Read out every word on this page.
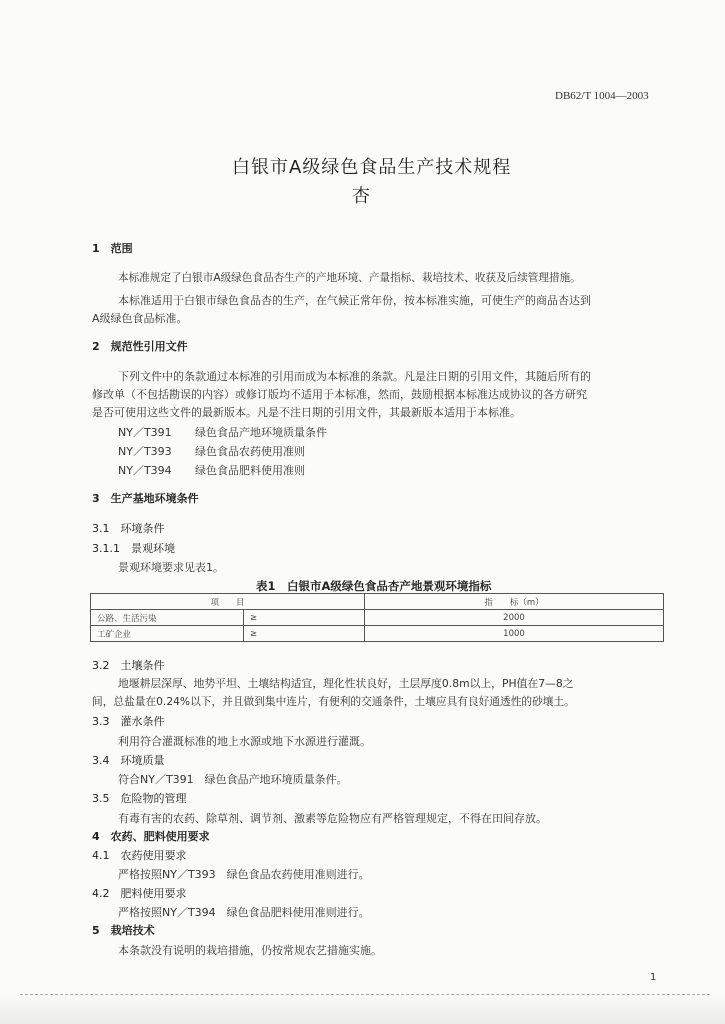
DB62/T 1004—2003
白银市A级绿色食品生产技术规程
杏
1　范围
本标准规定了白银市A级绿色食品杏生产的产地环境、产量指标、栽培技术、收获及后续管理措施。
本标准适用于白银市绿色食品杏的生产，在气候正常年份，按本标准实施，可使生产的商品杏达到
A级绿色食品标准。
2　规范性引用文件
下列文件中的条款通过本标准的引用而成为本标准的条款。凡是注日期的引用文件，其随后所有的
修改单（不包括勘误的内容）或修订版均不适用于本标准，然而，鼓励根据本标准达成协议的各方研究
是否可使用这些文件的最新版本。凡是不注日期的引用文件，其最新版本适用于本标准。
NY／T391 绿色食品产地环境质量条件
NY／T393 绿色食品农药使用准则
NY／T394 绿色食品肥料使用准则
3　生产基地环境条件
3.1　环境条件
3.1.1　景观环境
景观环境要求见表1。
表1　白银市A级绿色食品杏产地景观环境指标
项　　目		指　　标（m）
公路、生活污染	≥	2000
工矿企业	≥	1000
3.2　土壤条件
地堰耕层深厚、地势平坦、土壤结构适宜，理化性状良好，土层厚度0.8m以上，PH值在7—8之
间，总盐量在0.24%以下，并且做到集中连片，有便利的交通条件，土壤应具有良好通透性的砂壤土。
3.3　灌水条件
利用符合灌溉标准的地上水源或地下水源进行灌溉。
3.4　环境质量
符合NY／T391　绿色食品产地环境质量条件。
3.5　危险物的管理
有毒有害的农药、除草剂、调节剂、激素等危险物应有严格管理规定，不得在田间存放。
4　农药、肥料使用要求
4.1　农药使用要求
严格按照NY／T393　绿色食品农药使用准则进行。
4.2　肥料使用要求
严格按照NY／T394　绿色食品肥料使用准则进行。
5　栽培技术
本条款没有说明的栽培措施，仍按常规农艺措施实施。
1
